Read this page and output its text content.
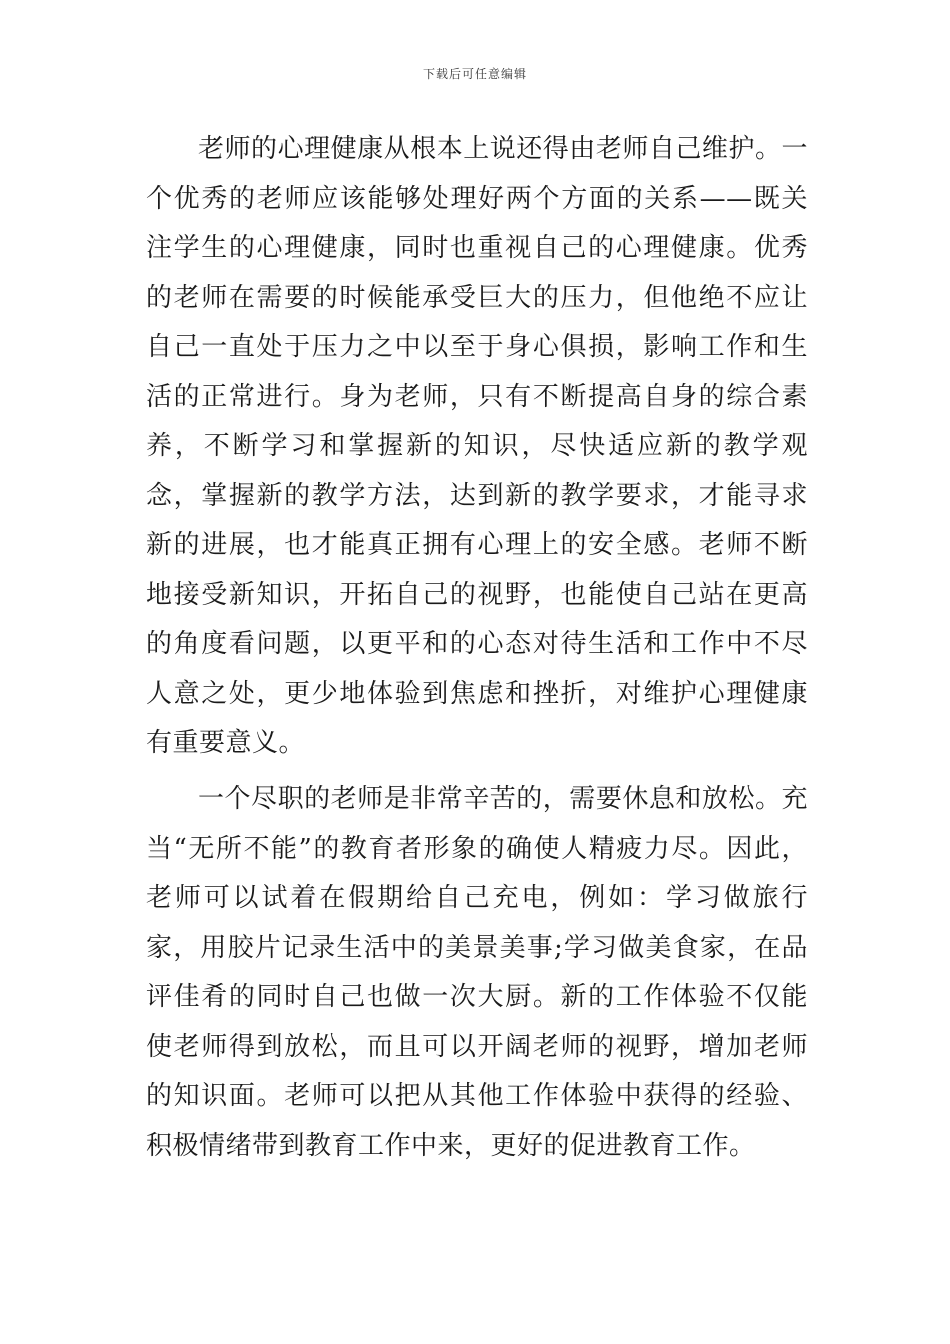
下载后可任意编辑

老师的心理健康从根本上说还得由老师自己维护。一个优秀的老师应该能够处理好两个方面的关系——既关注学生的心理健康，同时也重视自己的心理健康。优秀的老师在需要的时候能承受巨大的压力，但他绝不应让自己一直处于压力之中以至于身心俱损，影响工作和生活的正常进行。身为老师，只有不断提高自身的综合素养，不断学习和掌握新的知识，尽快适应新的教学观念，掌握新的教学方法，达到新的教学要求，才能寻求新的进展，也才能真正拥有心理上的安全感。老师不断地接受新知识，开拓自己的视野，也能使自己站在更高的角度看问题，以更平和的心态对待生活和工作中不尽人意之处，更少地体验到焦虑和挫折，对维护心理健康有重要意义。

一个尽职的老师是非常辛苦的，需要休息和放松。充当“无所不能”的教育者形象的确使人精疲力尽。因此，老师可以试着在假期给自己充电，例如：学习做旅行家，用胶片记录生活中的美景美事;学习做美食家，在品评佳肴的同时自己也做一次大厨。新的工作体验不仅能使老师得到放松，而且可以开阔老师的视野，增加老师的知识面。老师可以把从其他工作体验中获得的经验、积极情绪带到教育工作中来，更好的促进教育工作。
